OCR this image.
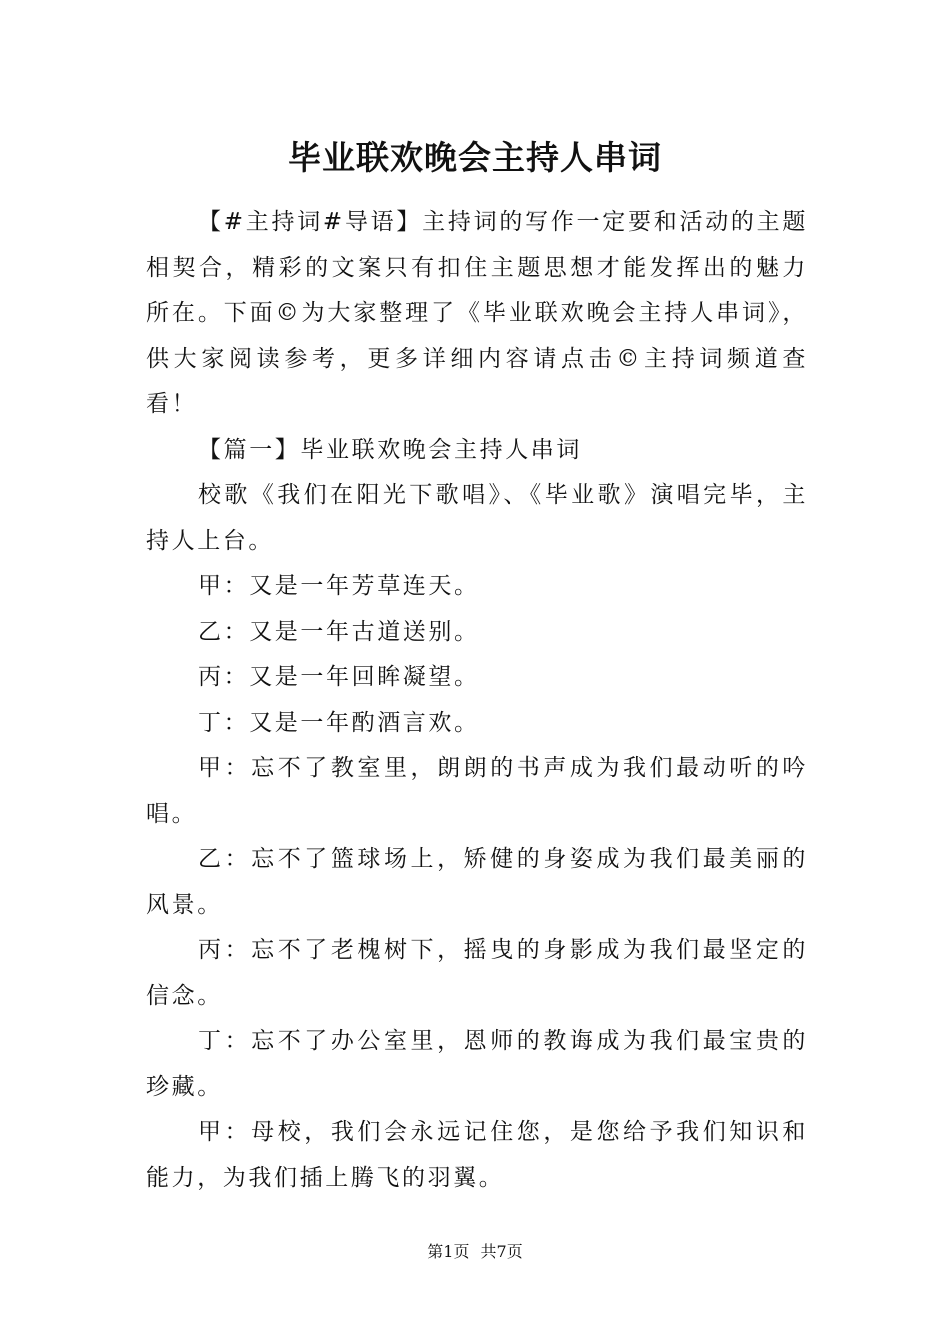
毕业联欢晚会主持人串词

【#主持词#导语】主持词的写作一定要和活动的主题相契合，精彩的文案只有扣住主题思想才能发挥出的魅力所在。下面©为大家整理了《毕业联欢晚会主持人串词》，供大家阅读参考，更多详细内容请点击©主持词频道查看！

【篇一】毕业联欢晚会主持人串词

校歌《我们在阳光下歌唱》、《毕业歌》演唱完毕，主持人上台。

甲：又是一年芳草连天。

乙：又是一年古道送别。

丙：又是一年回眸凝望。

丁：又是一年酌酒言欢。

甲：忘不了教室里，朗朗的书声成为我们最动听的吟唱。

乙：忘不了篮球场上，矫健的身姿成为我们最美丽的风景。

丙：忘不了老槐树下，摇曳的身影成为我们最坚定的信念。

丁：忘不了办公室里，恩师的教诲成为我们最宝贵的珍藏。

甲：母校，我们会永远记住您，是您给予我们知识和能力，为我们插上腾飞的羽翼。

第1页 共7页
